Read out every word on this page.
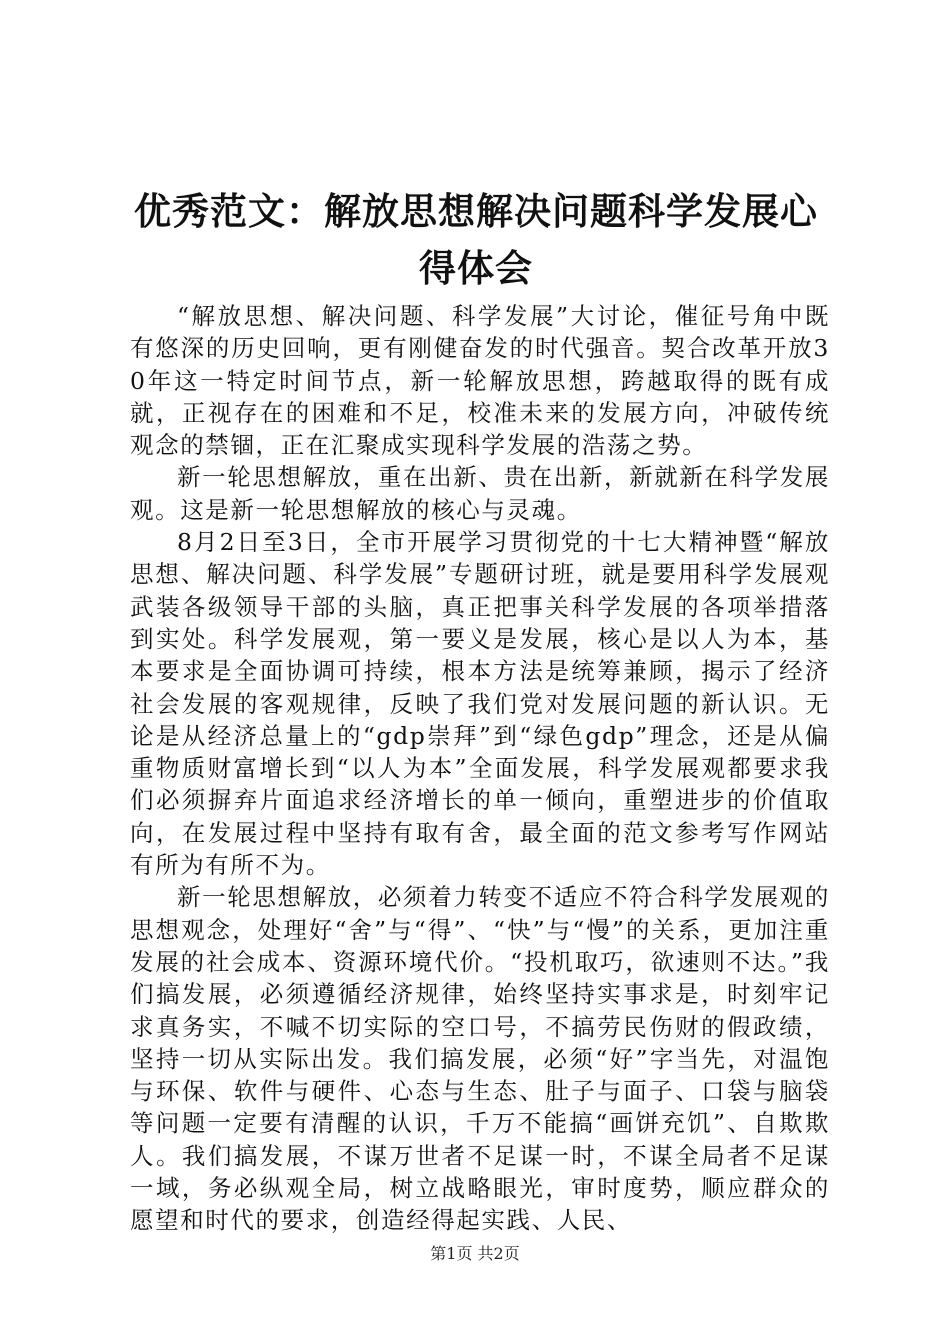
优秀范文：解放思想解决问题科学发展心得体会

“解放思想、解决问题、科学发展”大讨论，催征号角中既有悠深的历史回响，更有刚健奋发的时代强音。契合改革开放30年这一特定时间节点，新一轮解放思想，跨越取得的既有成就，正视存在的困难和不足，校准未来的发展方向，冲破传统观念的禁锢，正在汇聚成实现科学发展的浩荡之势。

新一轮思想解放，重在出新、贵在出新，新就新在科学发展观。这是新一轮思想解放的核心与灵魂。

8月2日至3日，全市开展学习贯彻党的十七大精神暨“解放思想、解决问题、科学发展”专题研讨班，就是要用科学发展观武装各级领导干部的头脑，真正把事关科学发展的各项举措落到实处。科学发展观，第一要义是发展，核心是以人为本，基本要求是全面协调可持续，根本方法是统筹兼顾，揭示了经济社会发展的客观规律，反映了我们党对发展问题的新认识。无论是从经济总量上的“gdp崇拜”到“绿色gdp”理念，还是从偏重物质财富增长到“以人为本”全面发展，科学发展观都要求我们必须摒弃片面追求经济增长的单一倾向，重塑进步的价值取向，在发展过程中坚持有取有舍，最全面的范文参考写作网站有所为有所不为。

新一轮思想解放，必须着力转变不适应不符合科学发展观的思想观念，处理好“舍”与“得”、“快”与“慢”的关系，更加注重发展的社会成本、资源环境代价。“投机取巧，欲速则不达。”我们搞发展，必须遵循经济规律，始终坚持实事求是，时刻牢记求真务实，不喊不切实际的空口号，不搞劳民伤财的假政绩，坚持一切从实际出发。我们搞发展，必须“好”字当先，对温饱与环保、软件与硬件、心态与生态、肚子与面子、口袋与脑袋等问题一定要有清醒的认识，千万不能搞“画饼充饥”、自欺欺人。我们搞发展，不谋万世者不足谋一时，不谋全局者不足谋一域，务必纵观全局，树立战略眼光，审时度势，顺应群众的愿望和时代的要求，创造经得起实践、人民、

第1页 共2页
